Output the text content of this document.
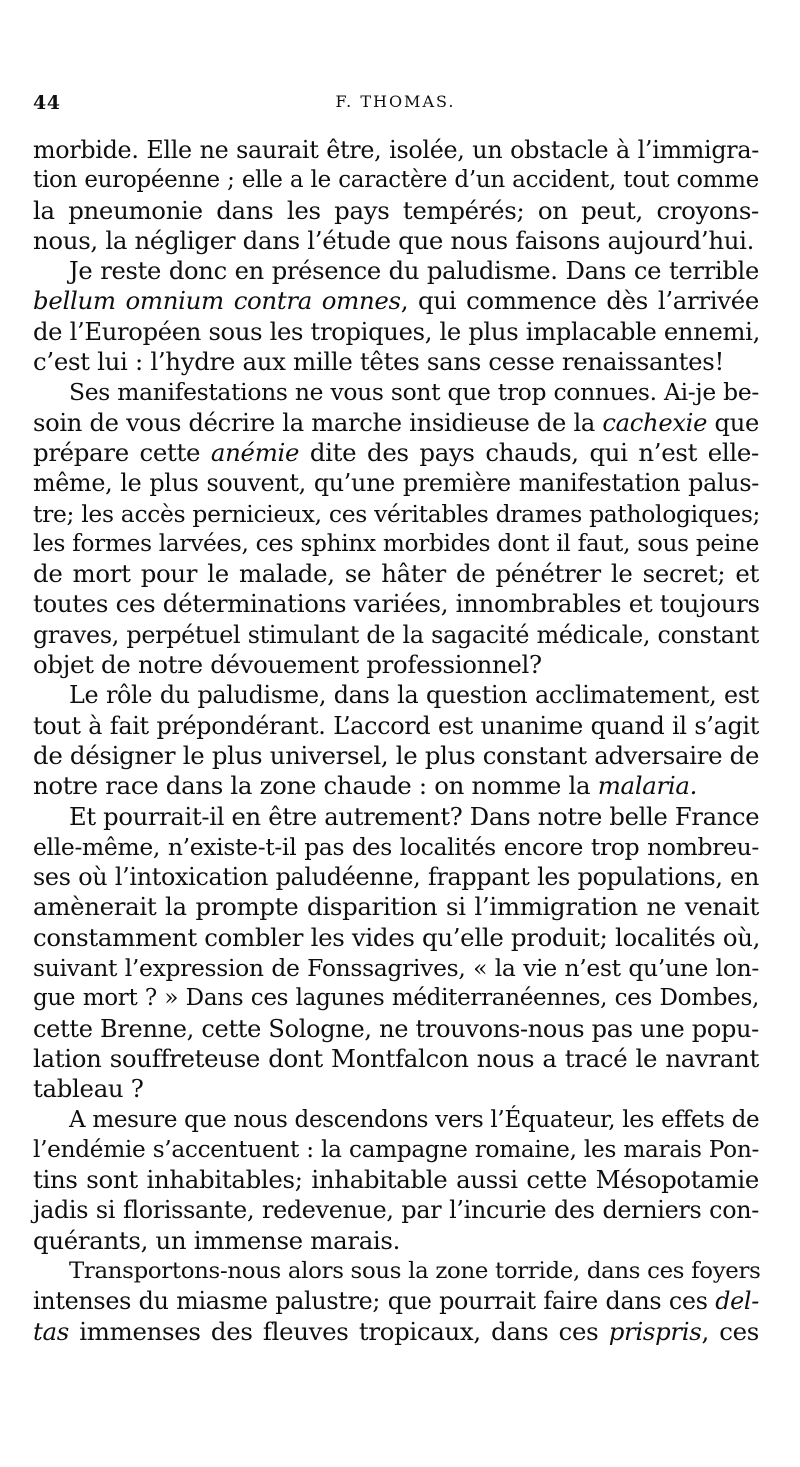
44	F. THOMAS.
morbide. Elle ne saurait être, isolée, un obstacle à l’immigra-
tion européenne ; elle a le caractère d’un accident, tout comme
la pneumonie dans les pays tempérés; on peut, croyons-
nous, la négliger dans l’étude que nous faisons aujourd’hui.
Je reste donc en présence du paludisme. Dans ce terrible
bellum omnium contra omnes, qui commence dès l’arrivée
de l’Européen sous les tropiques, le plus implacable ennemi,
c’est lui : l’hydre aux mille têtes sans cesse renaissantes!
Ses manifestations ne vous sont que trop connues. Ai-je be-
soin de vous décrire la marche insidieuse de la cachexie que
prépare cette anémie dite des pays chauds, qui n’est elle-
même, le plus souvent, qu’une première manifestation palus-
tre; les accès pernicieux, ces véritables drames pathologiques;
les formes larvées, ces sphinx morbides dont il faut, sous peine
de mort pour le malade, se hâter de pénétrer le secret; et
toutes ces déterminations variées, innombrables et toujours
graves, perpétuel stimulant de la sagacité médicale, constant
objet de notre dévouement professionnel?
Le rôle du paludisme, dans la question acclimatement, est
tout à fait prépondérant. L’accord est unanime quand il s’agit
de désigner le plus universel, le plus constant adversaire de
notre race dans la zone chaude : on nomme la malaria.
Et pourrait-il en être autrement? Dans notre belle France
elle-même, n’existe-t-il pas des localités encore trop nombreu-
ses où l’intoxication paludéenne, frappant les populations, en
amènerait la prompte disparition si l’immigration ne venait
constamment combler les vides qu’elle produit; localités où,
suivant l’expression de Fonssagrives, « la vie n’est qu’une lon-
gue mort ? » Dans ces lagunes méditerranéennes, ces Dombes,
cette Brenne, cette Sologne, ne trouvons-nous pas une popu-
lation souffreteuse dont Montfalcon nous a tracé le navrant
tableau ?
A mesure que nous descendons vers l’Équateur, les effets de
l’endémie s’accentuent : la campagne romaine, les marais Pon-
tins sont inhabitables; inhabitable aussi cette Mésopotamie
jadis si florissante, redevenue, par l’incurie des derniers con-
quérants, un immense marais.
Transportons-nous alors sous la zone torride, dans ces foyers
intenses du miasme palustre; que pourrait faire dans ces del-
tas immenses des fleuves tropicaux, dans ces prispris, ces
